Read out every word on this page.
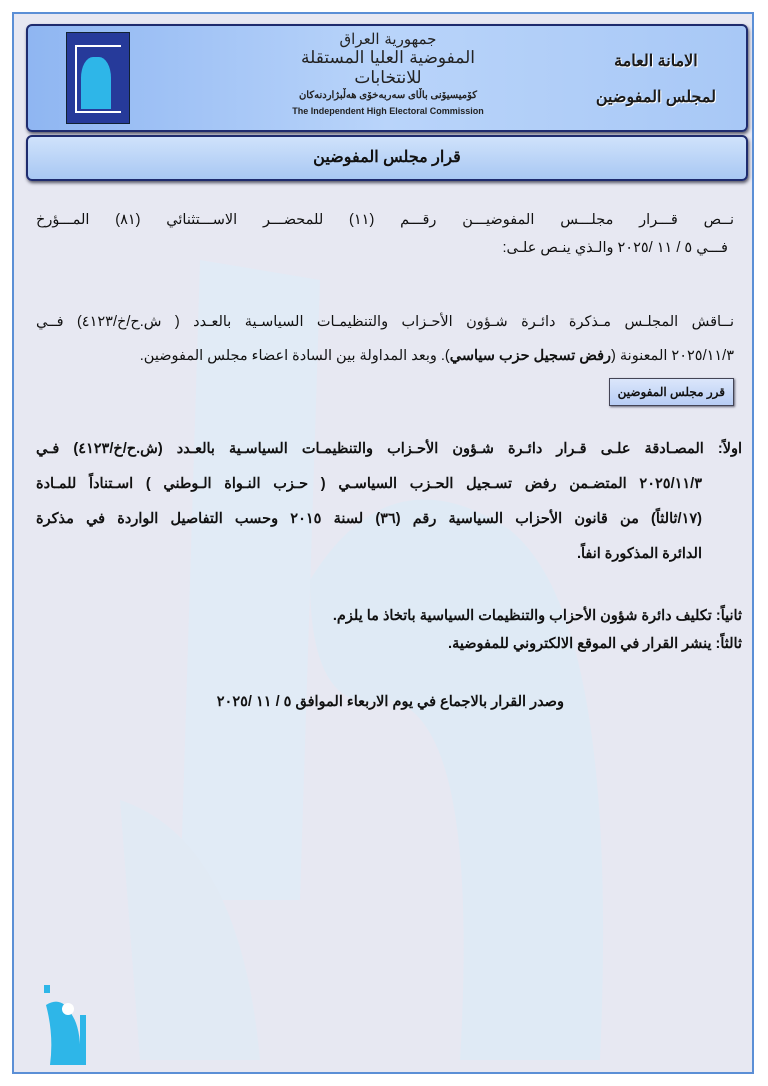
جمهورية العراق
المفوضية العليا المستقلة للانتخابات
کۆمیسیۆنی باڵای سەربەخۆی هەڵبژاردنەکان
The Independent High Electoral Commission
الامانة العامة
لمجلس المفوضين
قرار مجلس المفوضين
نــص قـــرار مجلـــس المفوضيـــن رقـــم (١١) للمحضـــر الاســـتثنائي (٨١) المـــؤرخ
فـــي ٥ / ١١ /٢٠٢٥ والـذي ينـص علـى:
نــاقش المجلـس مـذكرة دائـرة شـؤون الأحـزاب والتنظيمـات السياسـية بالعـدد ( ش.ح/خ/٤١٢٣) فــي
٢٠٢٥/١١/٣ المعنونة (رفض تسجيل حزب سياسي). وبعد المداولة بين السادة اعضاء مجلس المفوضين.
قرر مجلس المفوضين
اولاً: المصـادقة علـى قـرار دائـرة شـؤون الأحـزاب والتنظيمـات السياسـية بالعـدد (ش.ح/خ/٤١٢٣) فـي
٢٠٢٥/١١/٣ المتضـمن رفض تسـجيل الحـزب السياسـي ( حـزب النـواة الـوطني ) اسـتناداً للمـادة
(١٧/ثالثاً) من قانون الأحزاب السياسية رقم (٣٦) لسنة ٢٠١٥ وحسب التفاصيل الواردة في مذكرة
الدائرة المذكورة انفاً.
ثانياً: تكليف دائرة شؤون الأحزاب والتنظيمات السياسية باتخاذ ما يلزم.
ثالثاً: ينشر القرار في الموقع الالكتروني للمفوضية.
وصدر القرار بالاجماع في يوم الاربعاء الموافق ٥ / ١١ /٢٠٢٥
